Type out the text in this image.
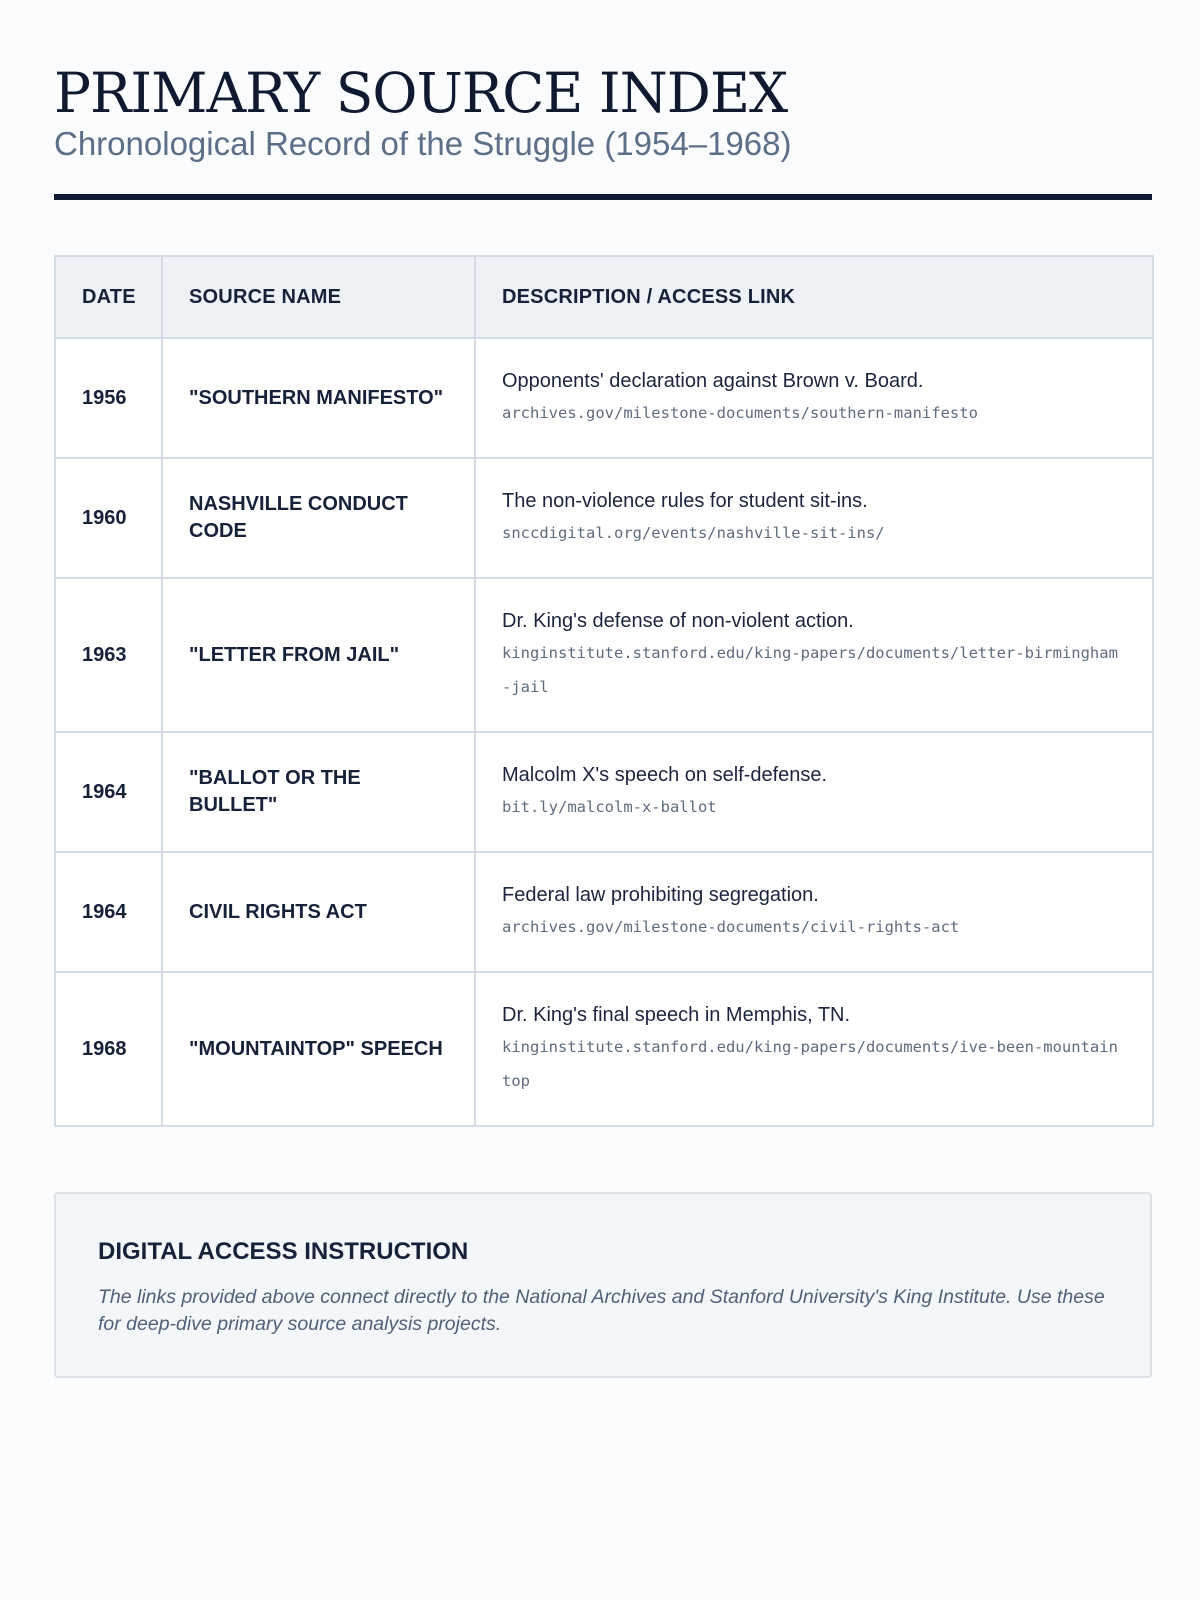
PRIMARY SOURCE INDEX
Chronological Record of the Struggle (1954–1968)
DATE	SOURCE NAME	DESCRIPTION / ACCESS LINK
1956	"SOUTHERN MANIFESTO"	Opponents' declaration against Brown v. Board.
archives.gov/milestone-documents/southern-manifesto

1960	NASHVILLE CONDUCT CODE	The non-violence rules for student sit-ins.
snccdigital.org/events/nashville-sit-ins/

1963	"LETTER FROM JAIL"	Dr. King's defense of non-violent action.
kinginstitute.stanford.edu/king-papers/documents/letter-birmingham-jail

1964	"BALLOT OR THE BULLET"	Malcolm X's speech on self-defense.
bit.ly/malcolm-x-ballot

1964	CIVIL RIGHTS ACT	Federal law prohibiting segregation.
archives.gov/milestone-documents/civil-rights-act

1968	"MOUNTAINTOP" SPEECH	Dr. King's final speech in Memphis, TN.
kinginstitute.stanford.edu/king-papers/documents/ive-been-mountaintop
DIGITAL ACCESS INSTRUCTION

The links provided above connect directly to the National Archives and Stanford University's King Institute. Use these for deep-dive primary source analysis projects.
